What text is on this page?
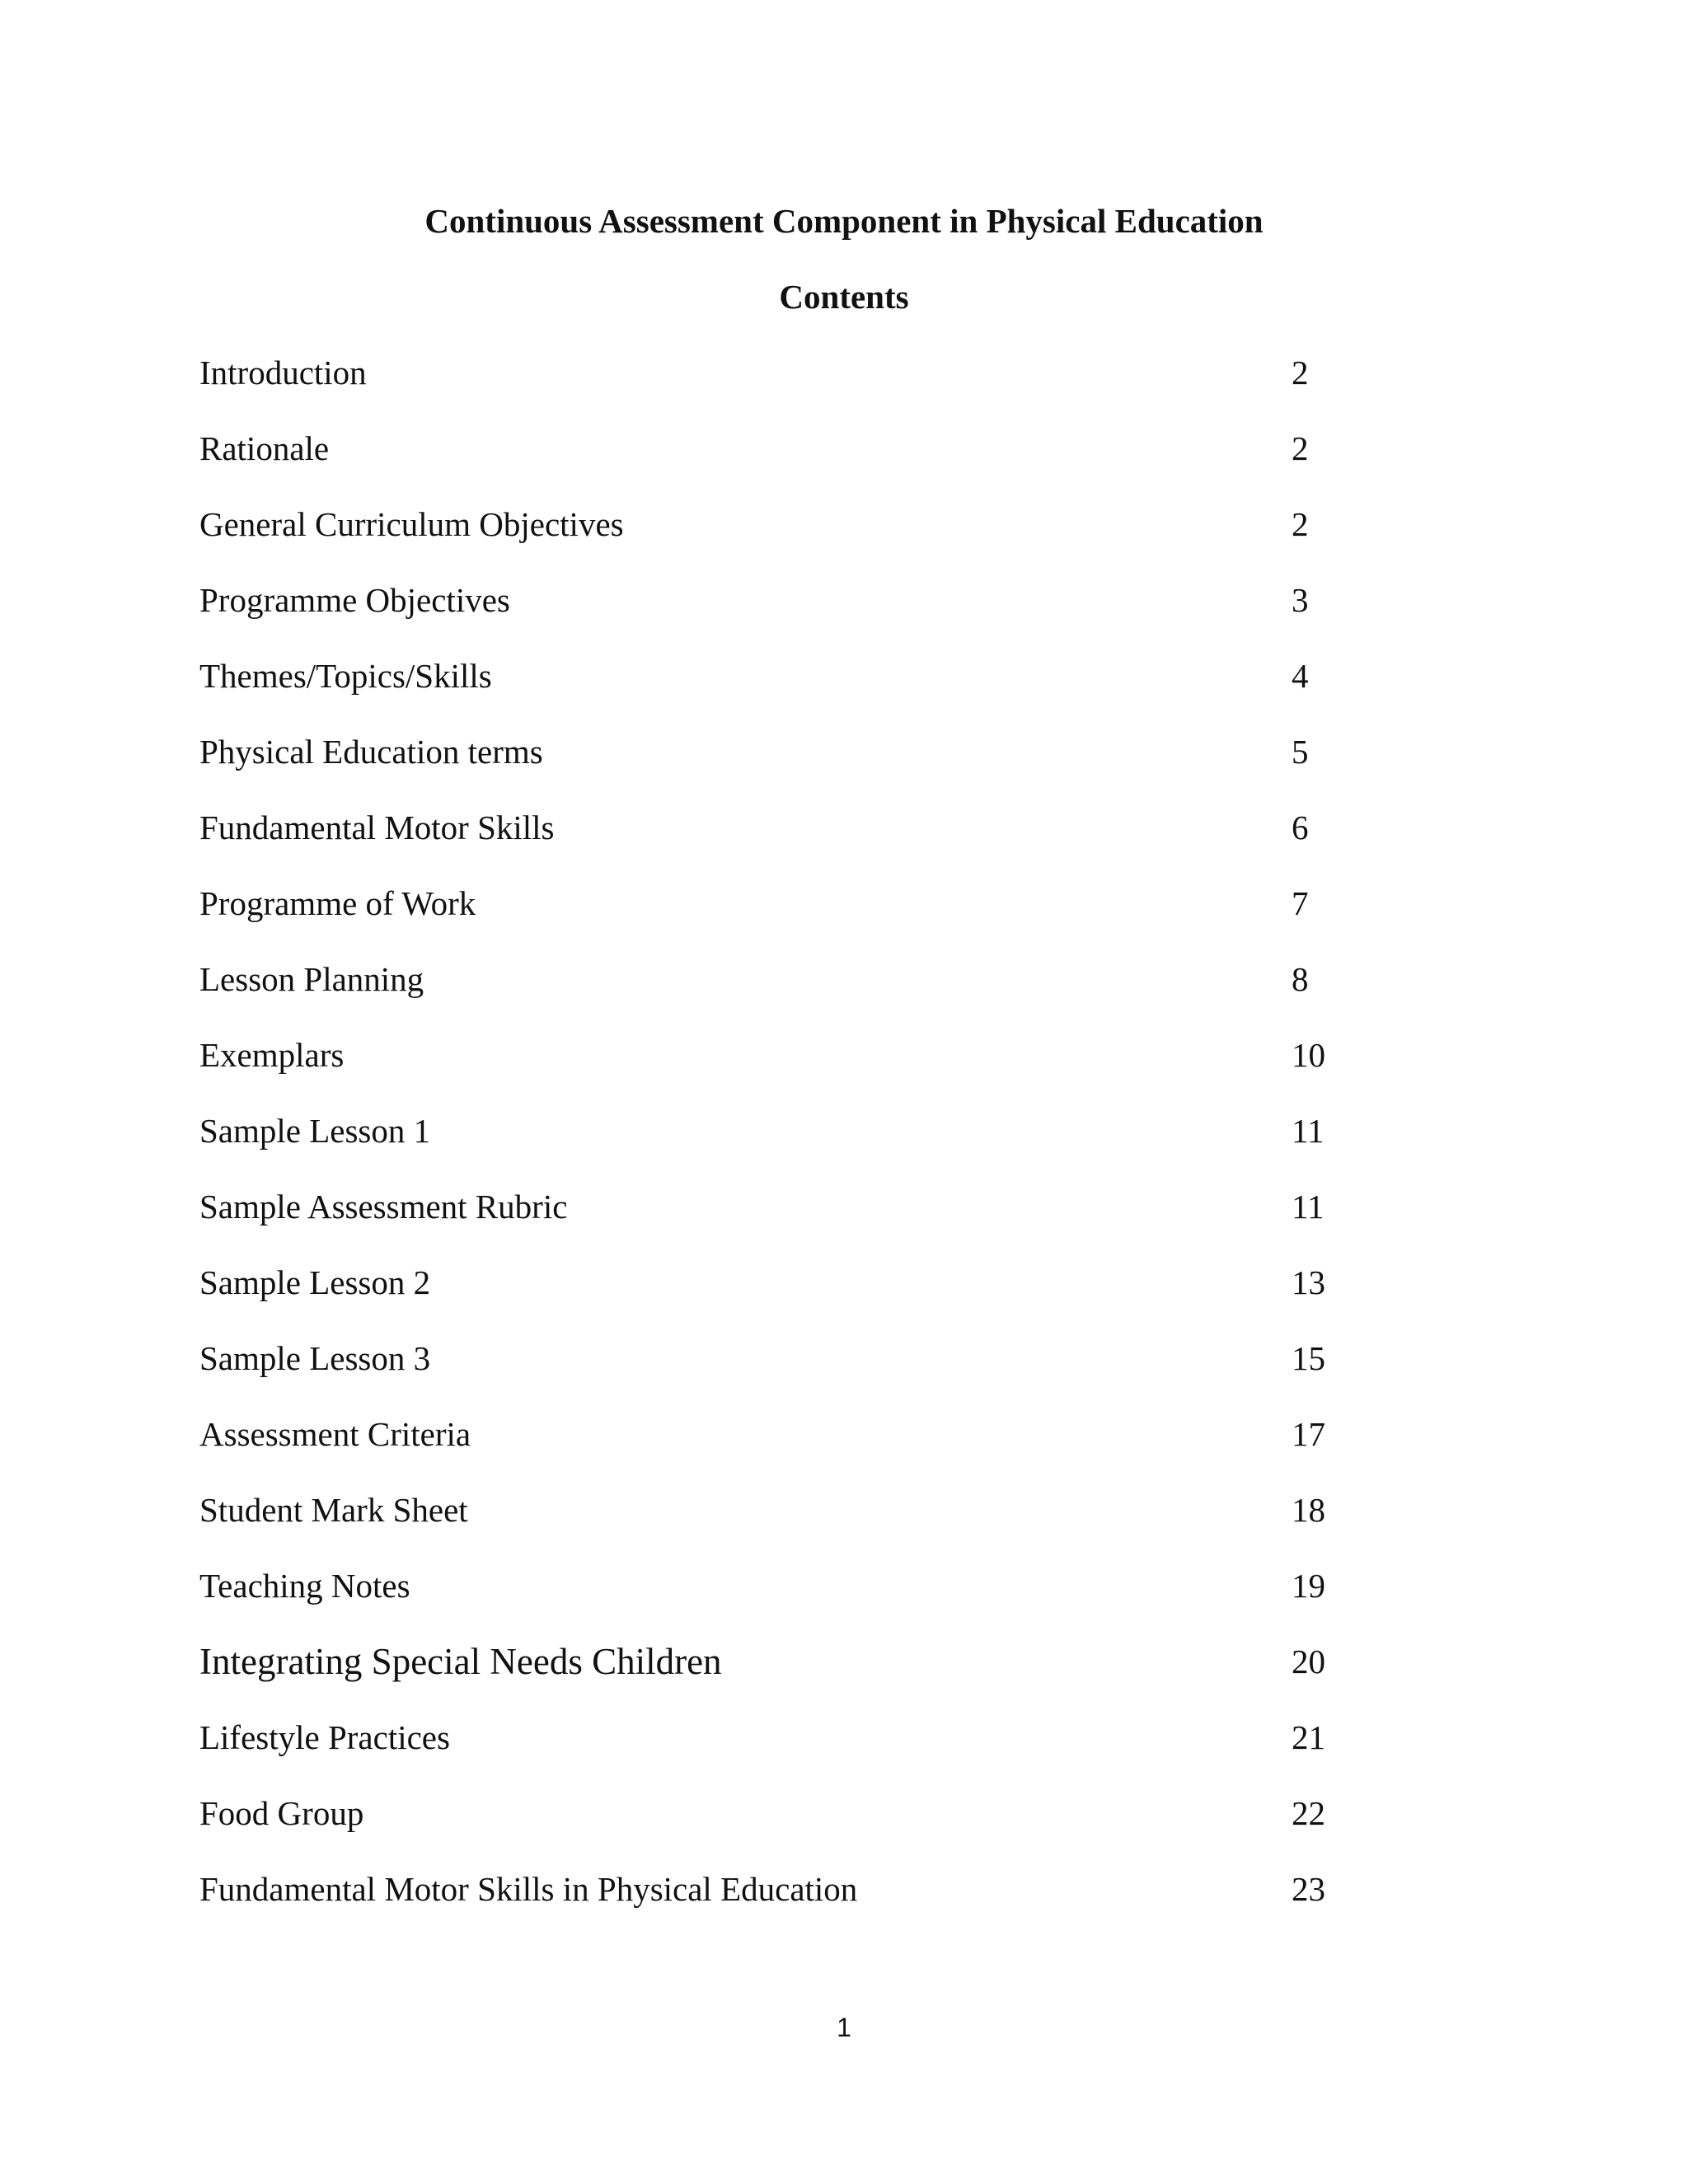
Continuous Assessment Component in Physical Education
Contents
Introduction	2
Rationale	2
General Curriculum Objectives	2
Programme Objectives	3
Themes/Topics/Skills	4
Physical Education terms	5
Fundamental Motor Skills	6
Programme of Work	7
Lesson Planning	8
Exemplars	10
Sample Lesson 1	11
Sample Assessment Rubric	11
Sample Lesson 2	13
Sample Lesson 3	15
Assessment Criteria	17
Student Mark Sheet	18
Teaching Notes	19
Integrating Special Needs Children	20
Lifestyle Practices	21
Food Group	22
Fundamental Motor Skills in Physical Education	23
1
